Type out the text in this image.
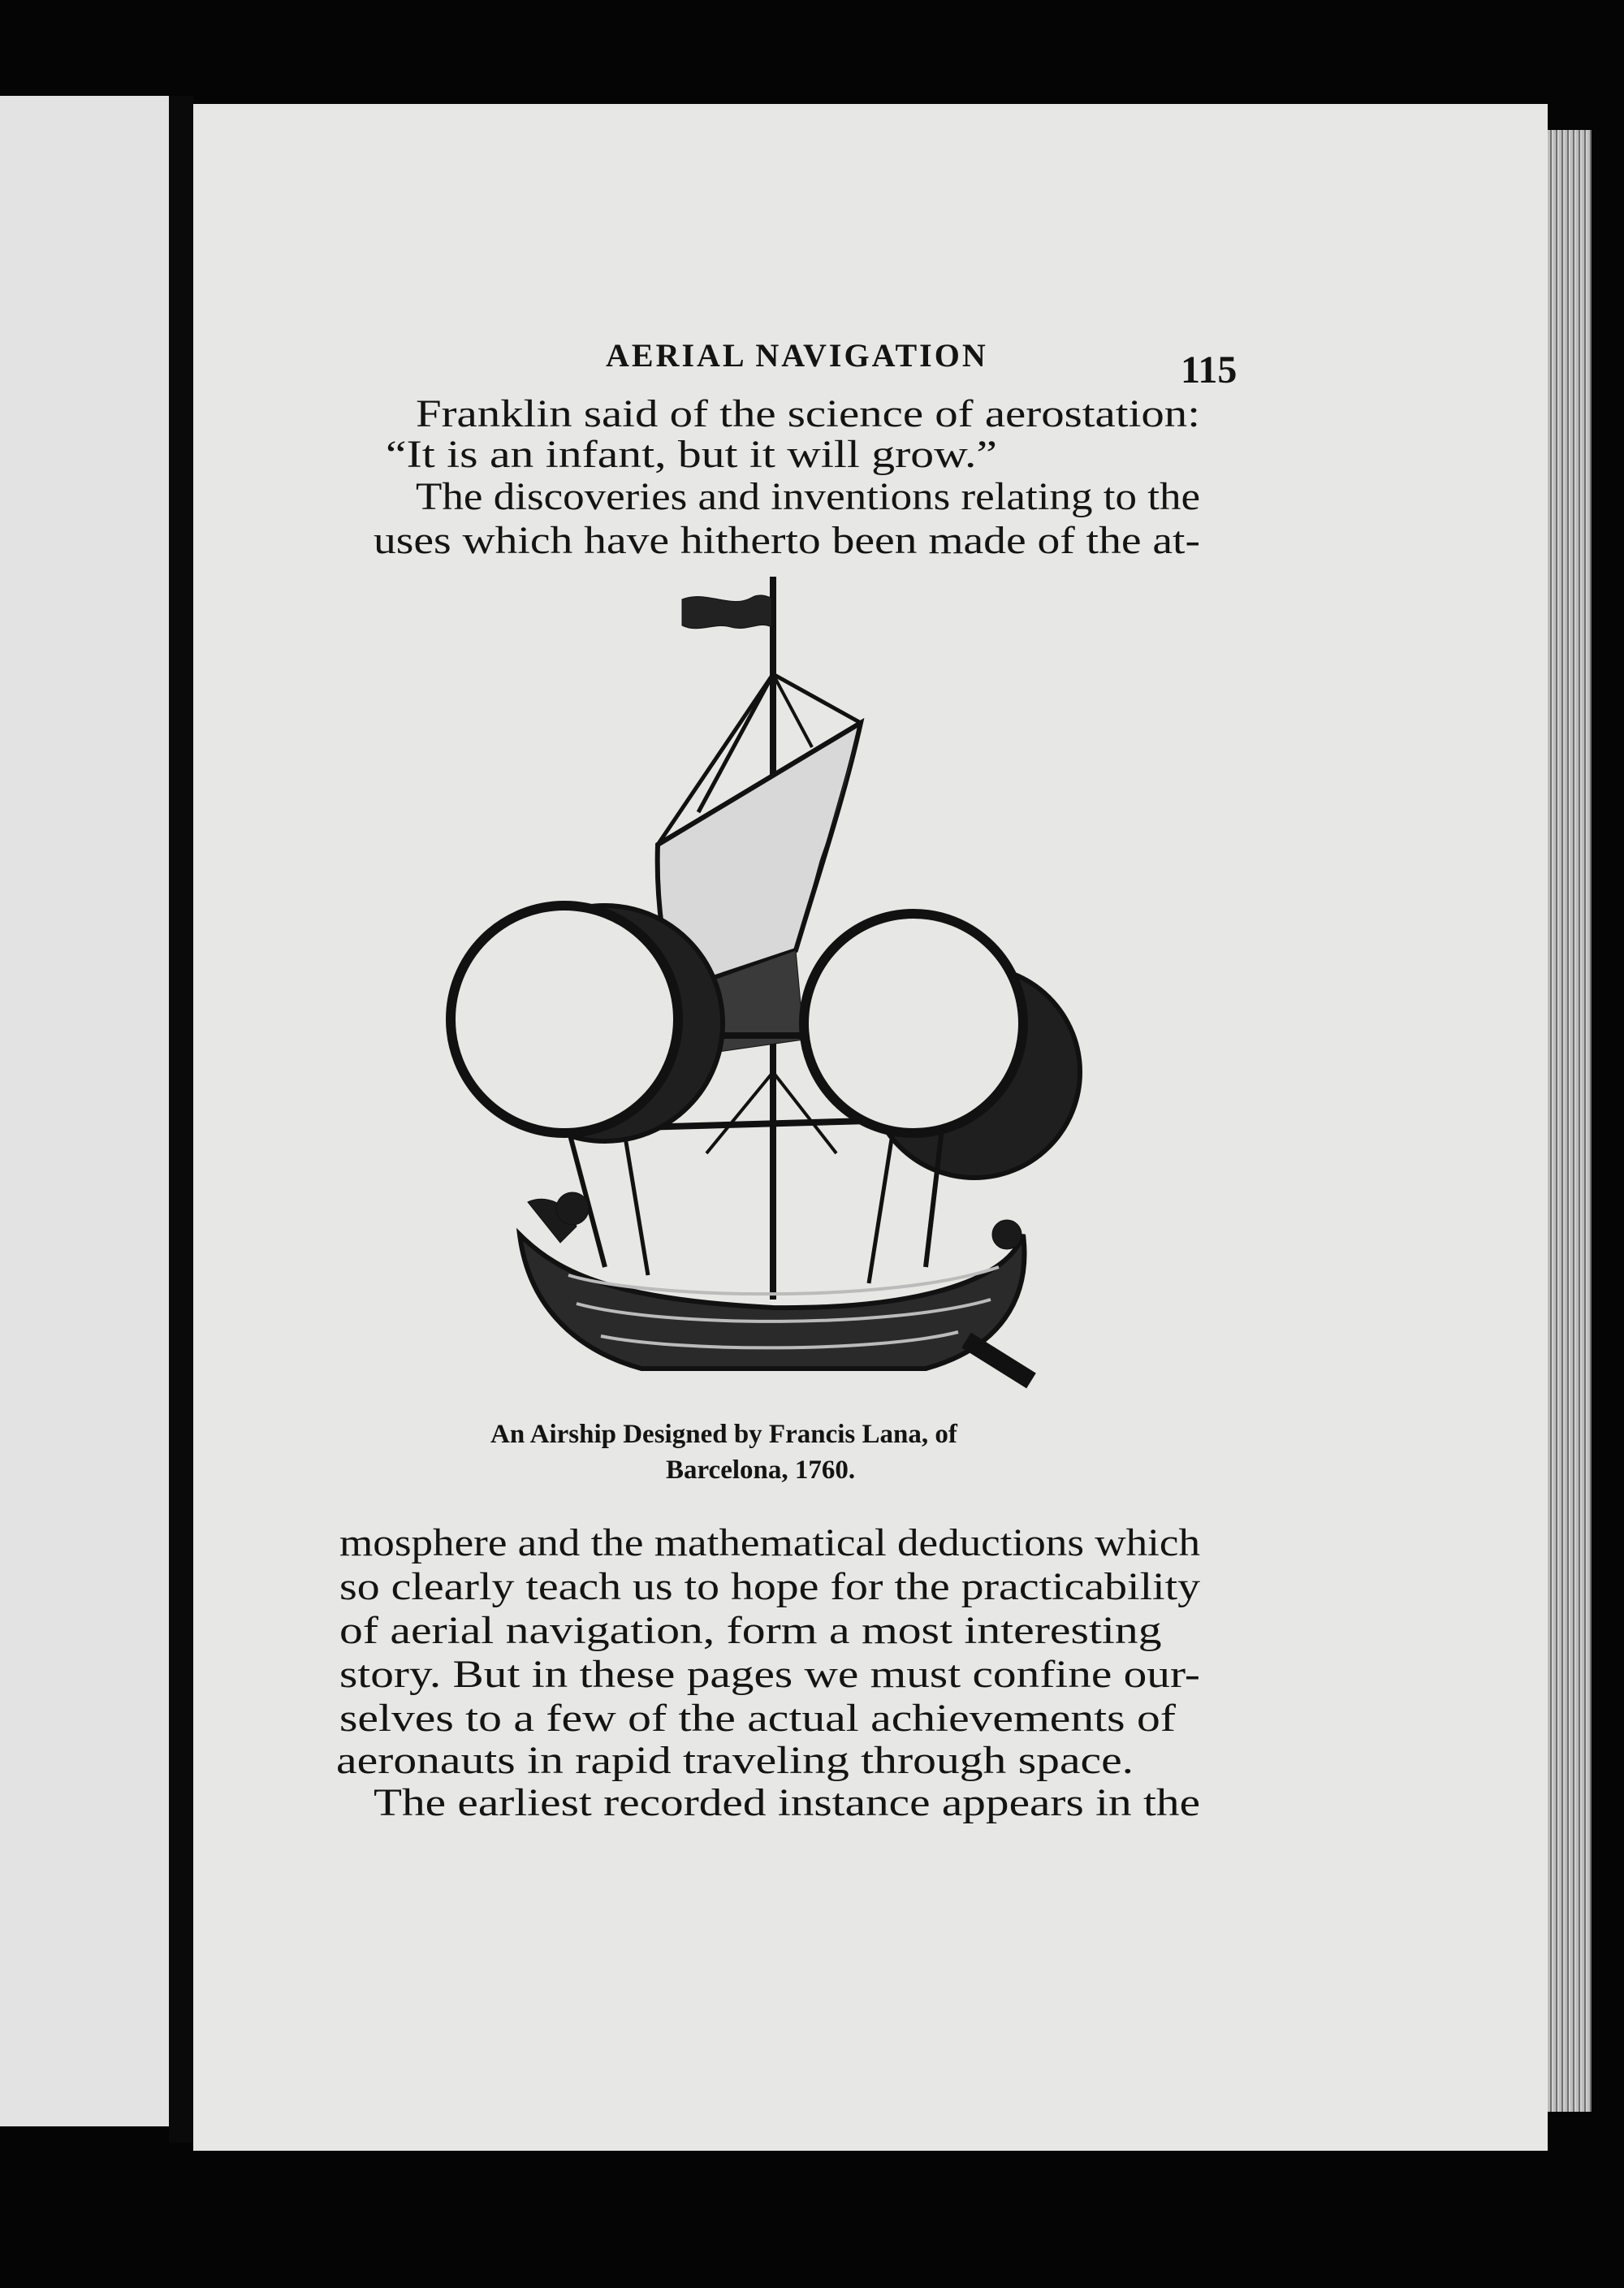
AERIAL NAVIGATION	115
Franklin said of the science of aerostation:
“It is an infant, but it will grow.”
The discoveries and inventions relating to the
uses which have hitherto been made of the at-
An Airship Designed by Francis Lana, of
Barcelona, 1760.
mosphere and the mathematical deductions which
so clearly teach us to hope for the practicability
of aerial navigation, form a most interesting
story. But in these pages we must confine our-
selves to a few of the actual achievements of
aeronauts in rapid traveling through space.
The earliest recorded instance appears in the
